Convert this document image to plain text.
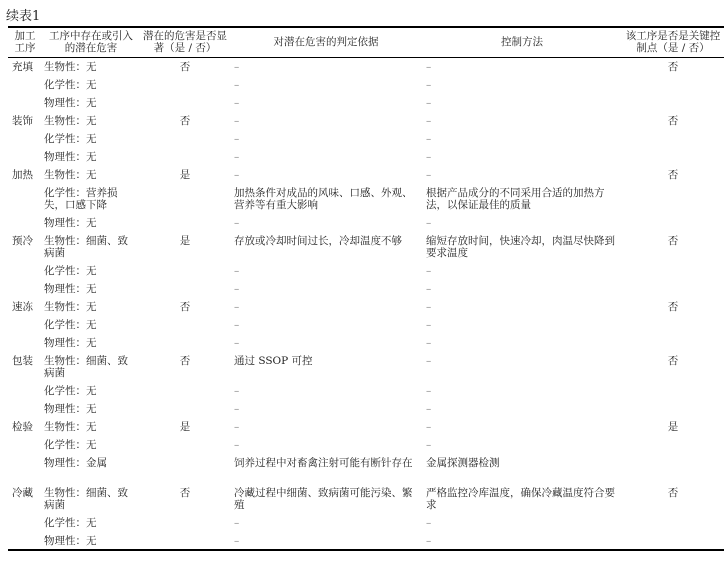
续表1
加工工序	工序中存在或引入的潜在危害	潜在的危害是否显著（是 / 否）	对潜在危害的判定依据	控制方法	该工序是否是关键控制点（是 / 否）
充填	生物性：无	否	–	–	否
	化学性：无		–	–	
	物理性：无		–	–	
装饰	生物性：无	否	–	–	否
	化学性：无		–	–	
	物理性：无		–	–	
加热	生物性：无	是	–	–	否
	化学性：营养损失，口感下降		加热条件对成品的风味、口感、外观、营养等有重大影响	根据产品成分的不同采用合适的加热方法，以保证最佳的质量	
	物理性：无		–	–	
预冷	生物性：细菌、致病菌	是	存放或冷却时间过长，冷却温度不够	缩短存放时间，快速冷却，肉温尽快降到要求温度	否
	化学性：无		–	–	
	物理性：无		–	–	
速冻	生物性：无	否	–	–	否
	化学性：无		–	–	
	物理性：无		–	–	
包装	生物性：细菌、致病菌	否	通过 SSOP 可控	–	否
	化学性：无		–	–	
	物理性：无		–	–	
检验	生物性：无	是	–	–	是
	化学性：无		–	–	
	物理性：金属		饲养过程中对畜禽注射可能有断针存在	金属探测器检测	
冷藏	生物性：细菌、致病菌	否	冷藏过程中细菌、致病菌可能污染、繁殖	严格监控冷库温度，确保冷藏温度符合要求	否
	化学性：无		–	–	
	物理性：无		–	–	
